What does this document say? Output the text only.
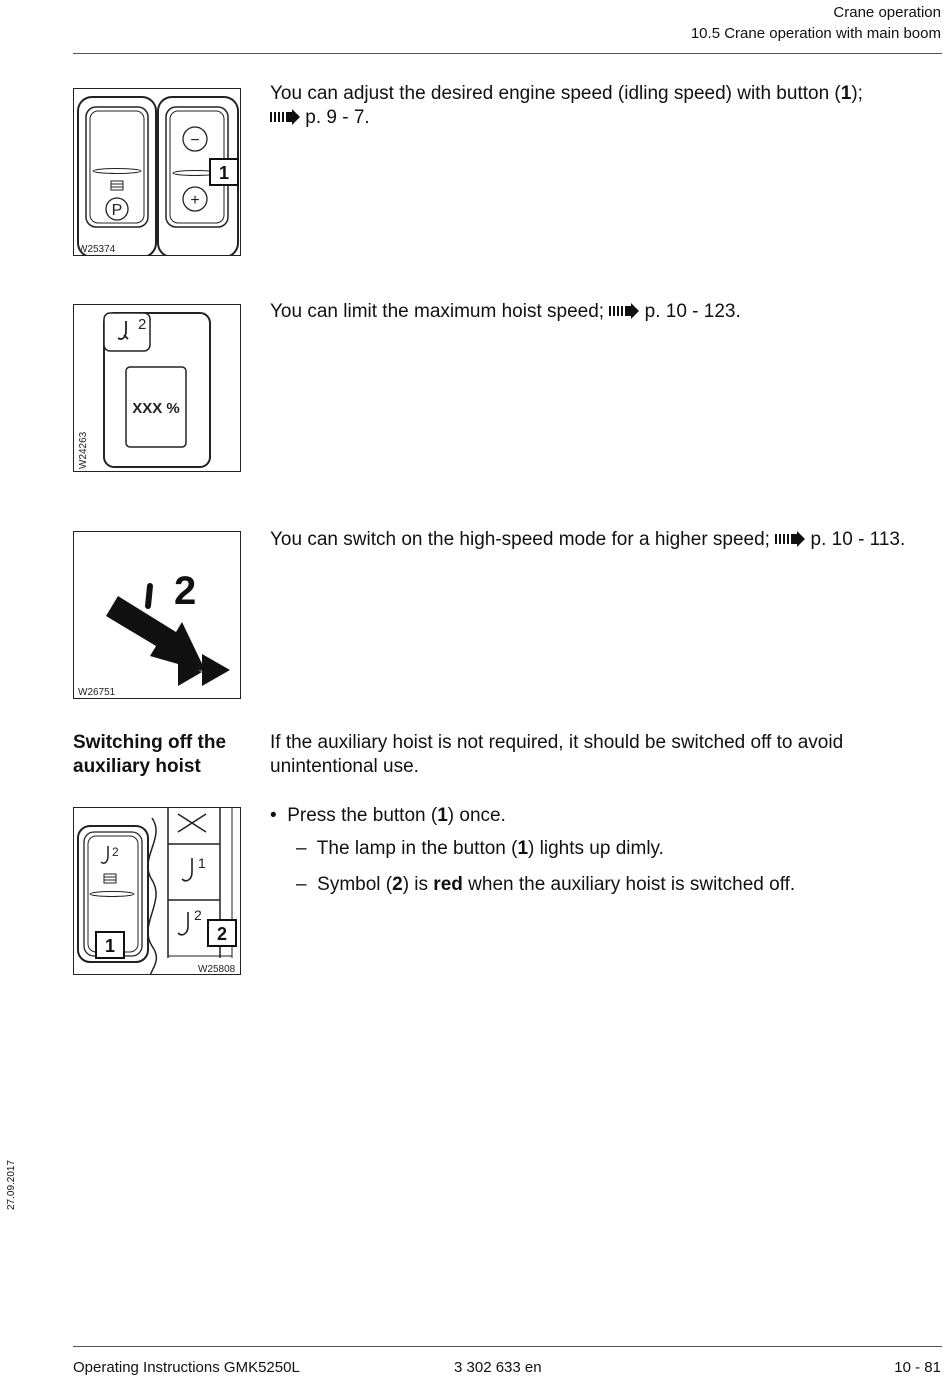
Crane operation
10.5 Crane operation with main boom
P
−
+
1
W25374
You can adjust the desired engine speed (idling speed) with button (1);
p. 9 - 7.
2
XXX %
W24263
You can limit the maximum hoist speed; p. 10 - 123.
2
W26751
You can switch on the high-speed mode for a higher speed; p. 10 - 113.
Switching off the
auxiliary hoist
If the auxiliary hoist is not required, it should be switched off to avoid unintentional use.
2
1
1
2
2
W25808
• Press the button (1) once.
– The lamp in the button (1) lights up dimly.
– Symbol (2) is red when the auxiliary hoist is switched off.
27.09.2017
Operating Instructions GMK5250L	3 302 633 en	10 - 81
